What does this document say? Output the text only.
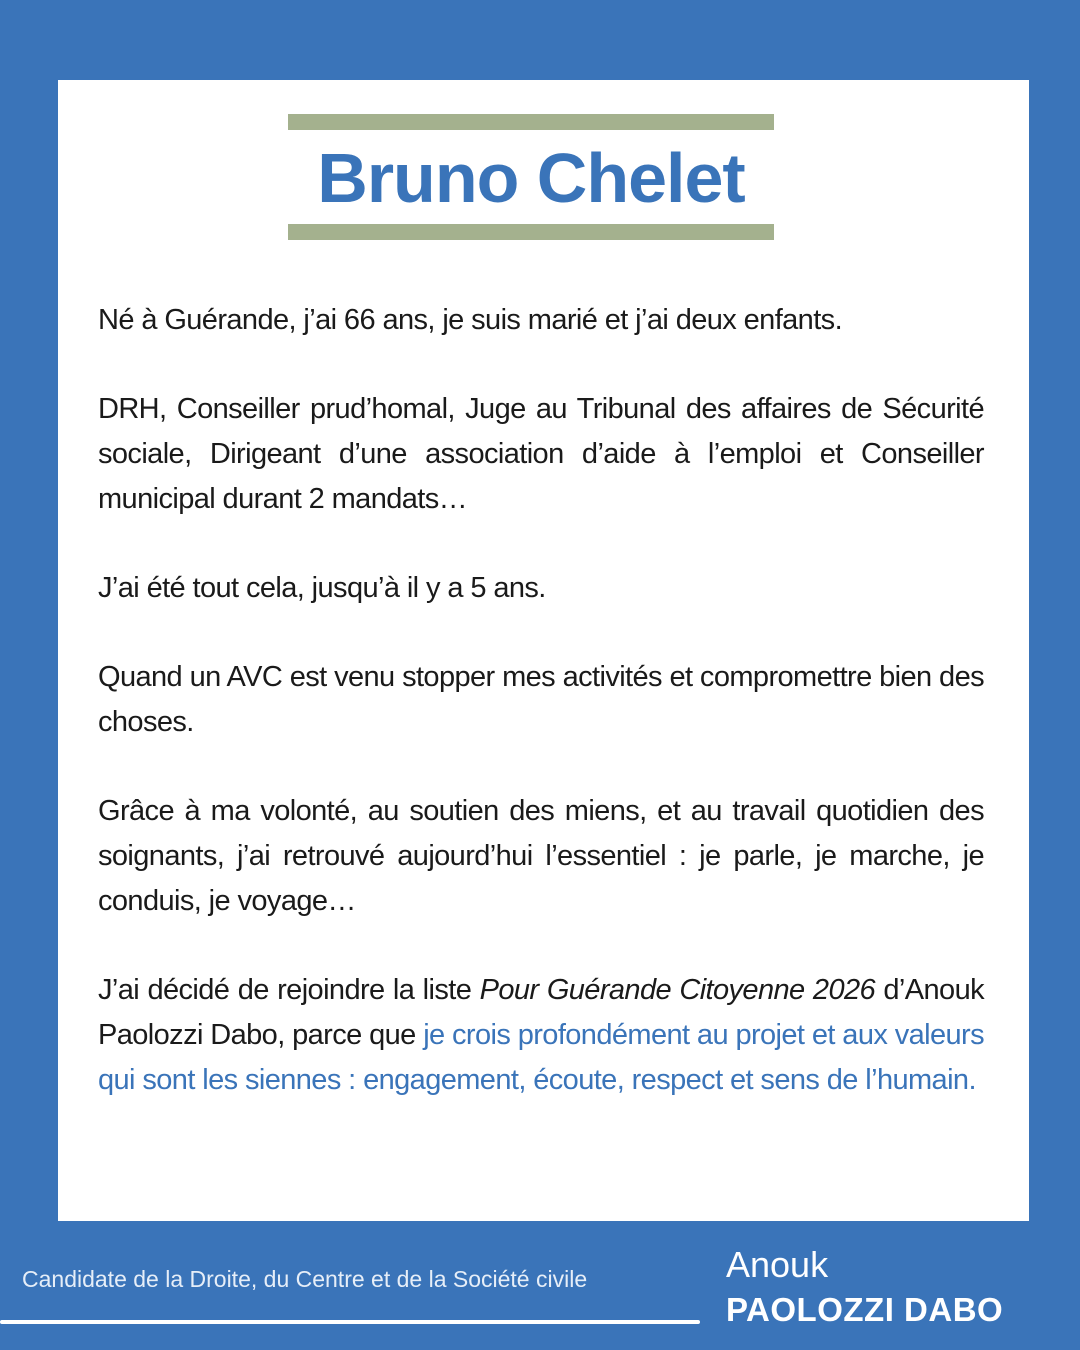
Bruno Chelet

Né à Guérande, j’ai 66 ans, je suis marié et j’ai deux enfants.

DRH, Conseiller prud’homal, Juge au Tribunal des affaires de Sécurité sociale, Dirigeant d’une association d’aide à l’emploi et Conseiller municipal durant 2 mandats…

J’ai été tout cela, jusqu’à il y a 5 ans.

Quand un AVC est venu stopper mes activités et compromettre bien des choses.

Grâce à ma volonté, au soutien des miens, et au travail quotidien des soignants, j’ai retrouvé aujourd’hui l’essentiel : je parle, je marche, je conduis, je voyage…

J’ai décidé de rejoindre la liste Pour Guérande Citoyenne 2026 d’Anouk Paolozzi Dabo, parce que je crois profondément au projet et aux valeurs qui sont les siennes : engagement, écoute, respect et sens de l’humain.

Candidate de la Droite, du Centre et de la Société civile	Anouk
PAOLOZZI DABO
